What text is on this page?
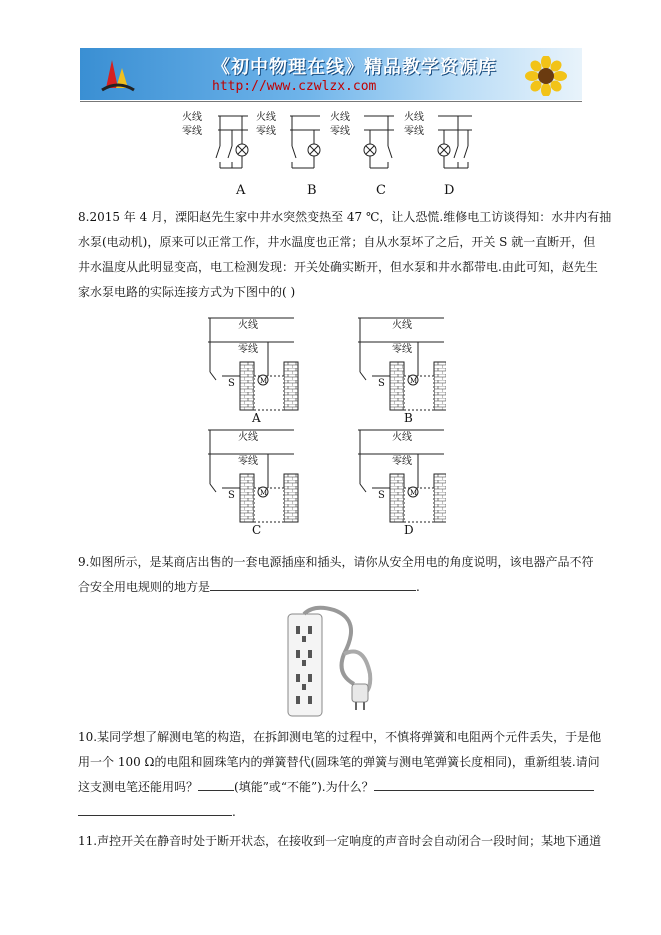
《初中物理在线》精品教学资源库
http://www.czwlzx.com
火线
零线
火线
零线
火线
零线
火线
零线
A	B	C	D
8.2015 年 4 月，溧阳赵先生家中井水突然变热至 47 ℃，让人恐慌.维修电工访谈得知：水井内有抽
水泵(电动机)，原来可以正常工作，井水温度也正常；自从水泵坏了之后，开关 S 就一直断开，但
井水温度从此明显变高，电工检测发现：开关处确实断开，但水泵和井水都带电.由此可知，赵先生
家水泵电路的实际连接方式为下图中的( )
M
火线
零线
火线
零线
火线
零线
火线
零线
S	S
S	S
A	B
C	D
9.如图所示，是某商店出售的一套电源插座和插头，请你从安全用电的角度说明，该电器产品不符
合安全用电规则的地方是	.
10.某同学想了解测电笔的构造，在拆卸测电笔的过程中，不慎将弹簧和电阻两个元件丢失，于是他
用一个 100 Ω的电阻和圆珠笔内的弹簧替代(圆珠笔的弹簧与测电笔弹簧长度相同)，重新组装.请问
这支测电笔还能用吗？	(填能”或“不能”).为什么？
.
11.声控开关在静音时处于断开状态，在接收到一定响度的声音时会自动闭合一段时间；某地下通道
